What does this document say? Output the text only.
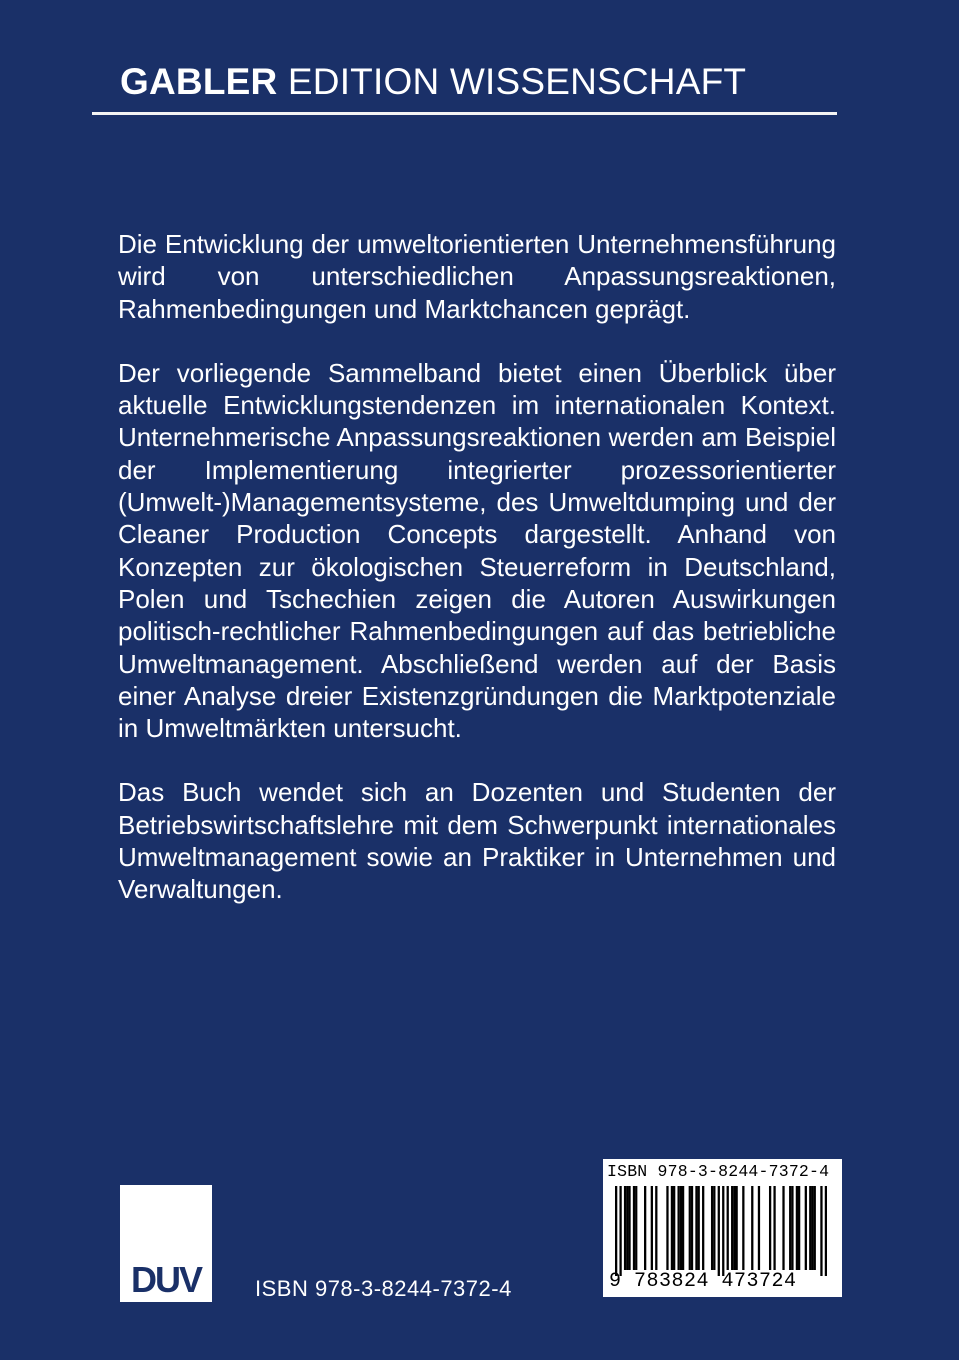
GABLER EDITION WISSENSCHAFT

Die Entwicklung der umweltorientierten Unternehmensführung wird von unterschiedlichen Anpassungsreaktionen, Rahmenbedingungen und Marktchancen geprägt.

Der vorliegende Sammelband bietet einen Überblick über aktuelle Entwicklungstendenzen im internationalen Kontext. Unternehmerische Anpassungsreaktionen werden am Beispiel der Implementierung integrierter prozessorientierter (Umwelt-)Managementsysteme, des Umweltdumping und der Cleaner Production Concepts dargestellt. Anhand von Konzepten zur ökologischen Steuerreform in Deutschland, Polen und Tschechien zeigen die Autoren Auswirkungen politisch-rechtlicher Rahmenbedingungen auf das betriebliche Umweltmanagement. Abschließend werden auf der Basis einer Analyse dreier Existenzgründungen die Marktpotenziale in Umweltmärkten untersucht.

Das Buch wendet sich an Dozenten und Studenten der Betriebswirtschaftslehre mit dem Schwerpunkt internationales Umweltmanagement sowie an Praktiker in Unternehmen und Verwaltungen.

DUV	ISBN 978-3-8244-7372-4
ISBN 978-3-8244-7372-4
9 783824 473724
